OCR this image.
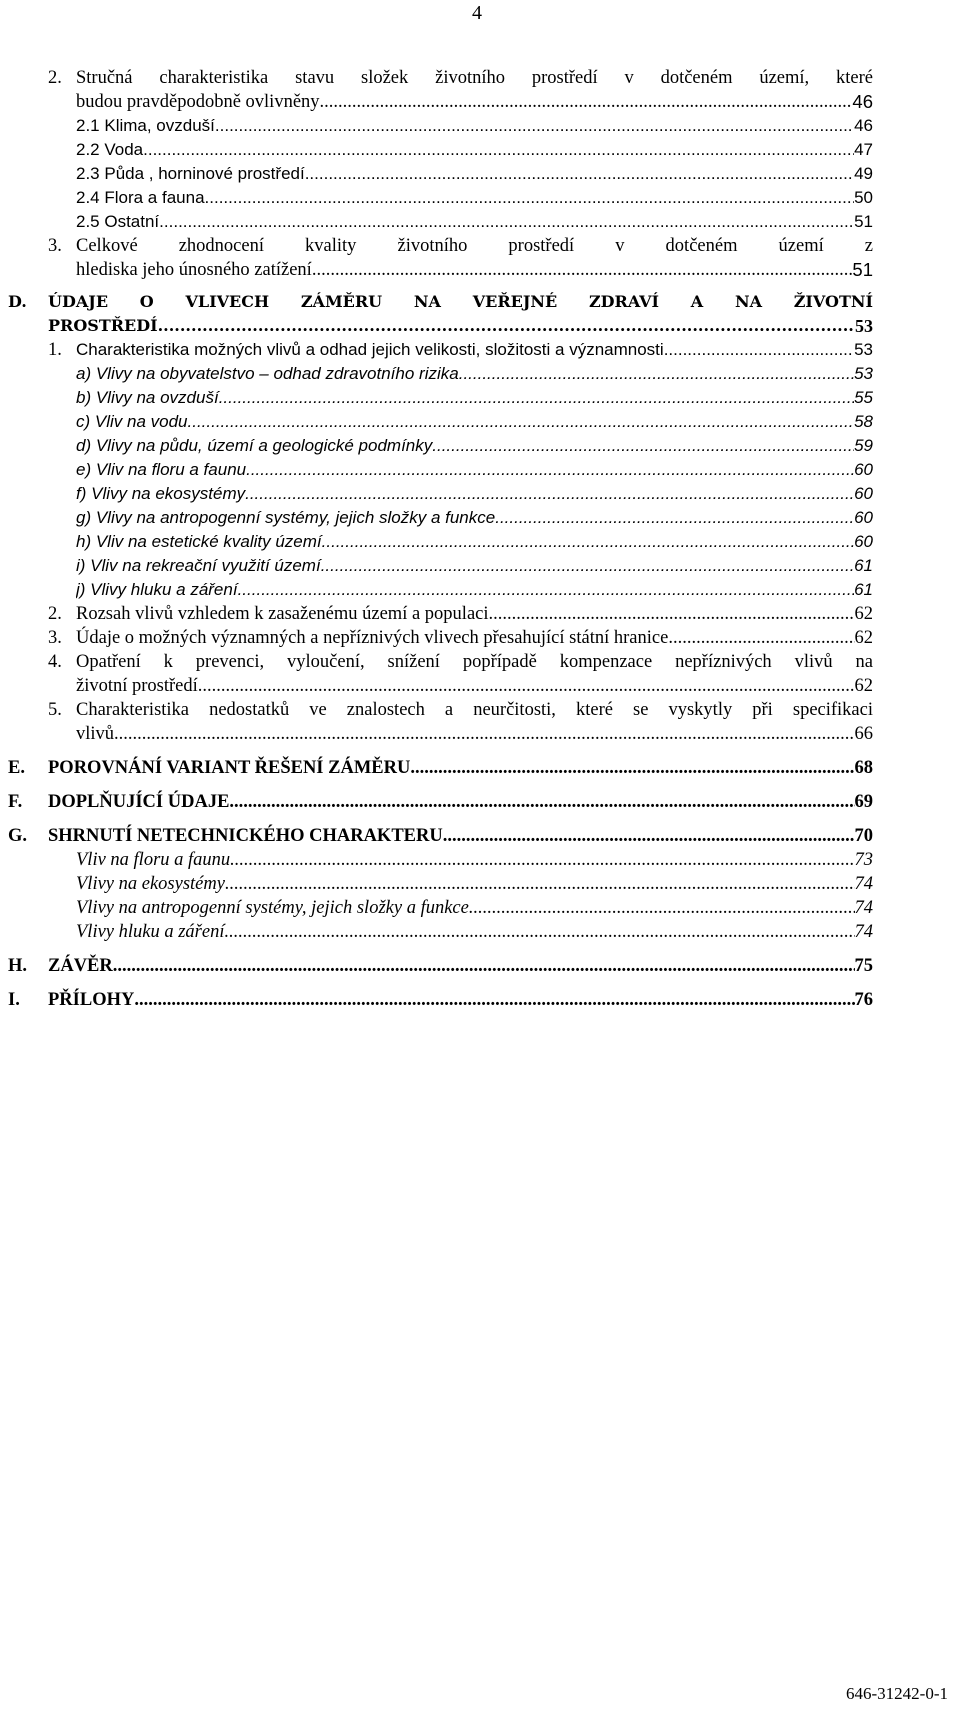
4
2. Stručná charakteristika stavu složek životního prostředí v dotčeném území, které
budou pravděpodobně ovlivněny .....	46
2.1 Klima, ovzduší .....	46
2.2 Voda .....	47
2.3 Půda , horninové prostředí .....	49
2.4 Flora a fauna .....	50
2.5 Ostatní .....	51
3. Celkové zhodnocení kvality životního prostředí v dotčeném území z
hlediska jeho únosného zatížení .....	51
D. ÚDAJE O VLIVECH ZÁMĚRU NA VEŘEJNÉ ZDRAVÍ A NA ŽIVOTNÍ
PROSTŘEDÍ .....	53
1. Charakteristika možných vlivů a odhad jejich velikosti, složitosti a významnosti .....	53
a) Vlivy na obyvatelstvo – odhad zdravotního rizika .....	53
b) Vlivy na ovzduší .....	55
c) Vliv na vodu .....	58
d) Vlivy na půdu, území a geologické podmínky .....	59
e) Vliv na floru a faunu .....	60
f) Vlivy na ekosystémy .....	60
g) Vlivy na antropogenní systémy, jejich složky a funkce .....	60
h) Vliv na estetické kvality území .....	60
i) Vliv na rekreační využití území .....	61
j) Vlivy hluku a záření .....	61
2. Rozsah vlivů vzhledem k zasaženému území a populaci .....	62
3. Údaje o možných významných a nepříznivých vlivech přesahující státní hranice .....	62
4. Opatření k prevenci, vyloučení, snížení popřípadě kompenzace nepříznivých vlivů na
životní prostředí .....	62
5. Charakteristika nedostatků ve znalostech a neurčitosti, které se vyskytly při specifikaci
vlivů .....	66
E. POROVNÁNÍ VARIANT ŘEŠENÍ ZÁMĚRU .....	68
F. DOPLŇUJÍCÍ ÚDAJE .....	69
G. SHRNUTÍ NETECHNICKÉHO CHARAKTERU .....	70
Vliv na floru a faunu .....	73
Vlivy na ekosystémy .....	74
Vlivy na antropogenní systémy, jejich složky a funkce .....	74
Vlivy hluku a záření .....	74
H. ZÁVĚR .....	75
I. PŘÍLOHY .....	76
646-31242-0-1
